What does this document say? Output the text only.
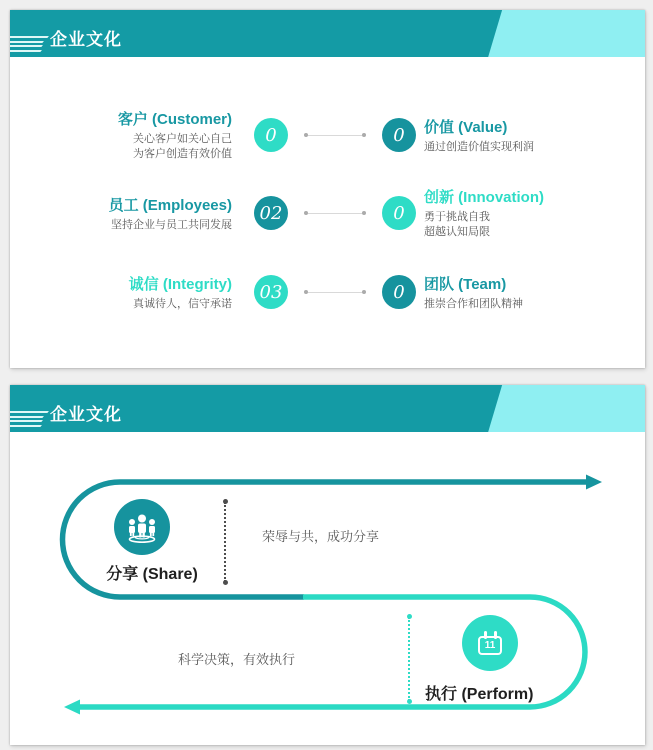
企业文化
客户 (Customer)
关心客户如关心自己
为客户创造有效价值
0	0	价值 (Value)
通过创造价值实现利润
员工 (Employees)
坚持企业与员工共同发展
02	0
创新 (Innovation)
勇于挑战自我
超越认知局限
诚信 (Integrity)
真诚待人，信守承诺
03	0	团队 (Team)
推崇合作和团队精神
企业文化
分享 (Share)
荣辱与共，成功分享
科学决策，有效执行
11
执行 (Perform)
